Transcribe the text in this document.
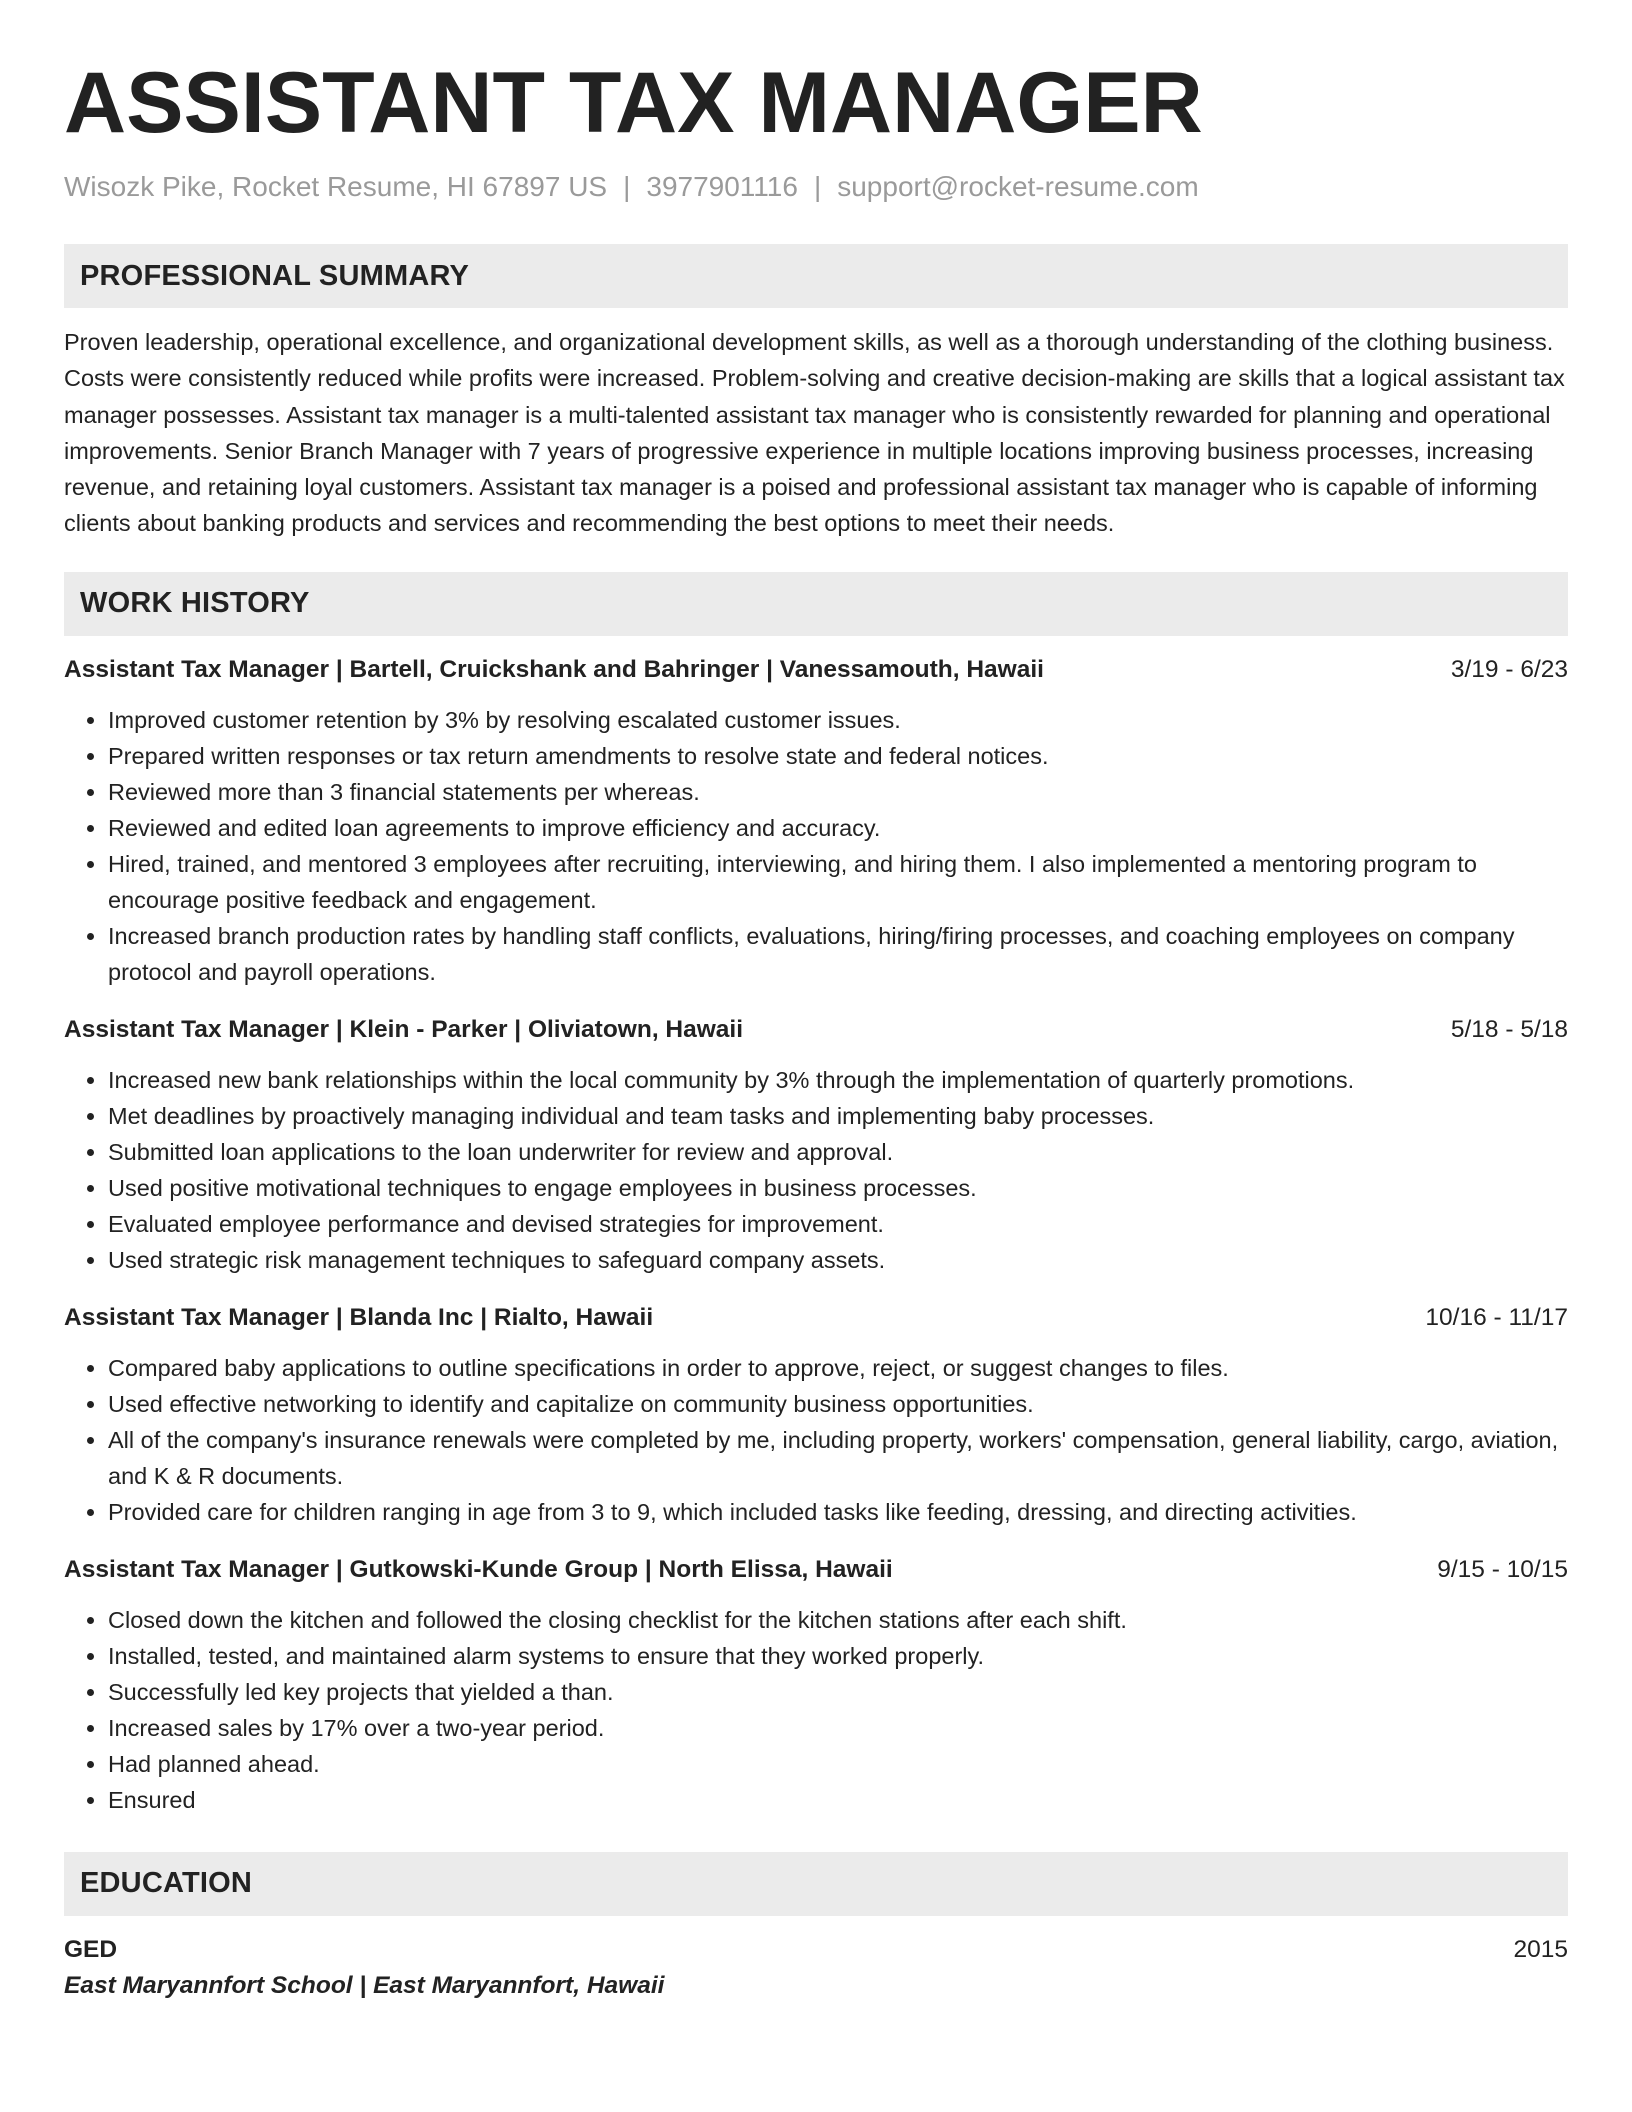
ASSISTANT TAX MANAGER
Wisozk Pike, Rocket Resume, HI 67897 US | 3977901116 | support@rocket-resume.com
PROFESSIONAL SUMMARY

Proven leadership, operational excellence, and organizational development skills, as well as a thorough understanding of the clothing business. Costs were consistently reduced while profits were increased. Problem-solving and creative decision-making are skills that a logical assistant tax manager possesses. Assistant tax manager is a multi-talented assistant tax manager who is consistently rewarded for planning and operational improvements. Senior Branch Manager with 7 years of progressive experience in multiple locations improving business processes, increasing revenue, and retaining loyal customers. Assistant tax manager is a poised and professional assistant tax manager who is capable of informing clients about banking products and services and recommending the best options to meet their needs.

WORK HISTORY
Assistant Tax Manager | Bartell, Cruickshank and Bahringer | Vanessamouth, Hawaii	3/19 - 6/23
• Improved customer retention by 3% by resolving escalated customer issues.
• Prepared written responses or tax return amendments to resolve state and federal notices.
• Reviewed more than 3 financial statements per whereas.
• Reviewed and edited loan agreements to improve efficiency and accuracy.
• Hired, trained, and mentored 3 employees after recruiting, interviewing, and hiring them. I also implemented a mentoring program to encourage positive feedback and engagement.
• Increased branch production rates by handling staff conflicts, evaluations, hiring/firing processes, and coaching employees on company protocol and payroll operations.
Assistant Tax Manager | Klein - Parker | Oliviatown, Hawaii	5/18 - 5/18
• Increased new bank relationships within the local community by 3% through the implementation of quarterly promotions.
• Met deadlines by proactively managing individual and team tasks and implementing baby processes.
• Submitted loan applications to the loan underwriter for review and approval.
• Used positive motivational techniques to engage employees in business processes.
• Evaluated employee performance and devised strategies for improvement.
• Used strategic risk management techniques to safeguard company assets.
Assistant Tax Manager | Blanda Inc | Rialto, Hawaii	10/16 - 11/17
• Compared baby applications to outline specifications in order to approve, reject, or suggest changes to files.
• Used effective networking to identify and capitalize on community business opportunities.
• All of the company's insurance renewals were completed by me, including property, workers' compensation, general liability, cargo, aviation, and K & R documents.
• Provided care for children ranging in age from 3 to 9, which included tasks like feeding, dressing, and directing activities.
Assistant Tax Manager | Gutkowski-Kunde Group | North Elissa, Hawaii	9/15 - 10/15
• Closed down the kitchen and followed the closing checklist for the kitchen stations after each shift.
• Installed, tested, and maintained alarm systems to ensure that they worked properly.
• Successfully led key projects that yielded a than.
• Increased sales by 17% over a two-year period.
• Had planned ahead.
• Ensured
EDUCATION
GED	2015
East Maryannfort School | East Maryannfort, Hawaii
